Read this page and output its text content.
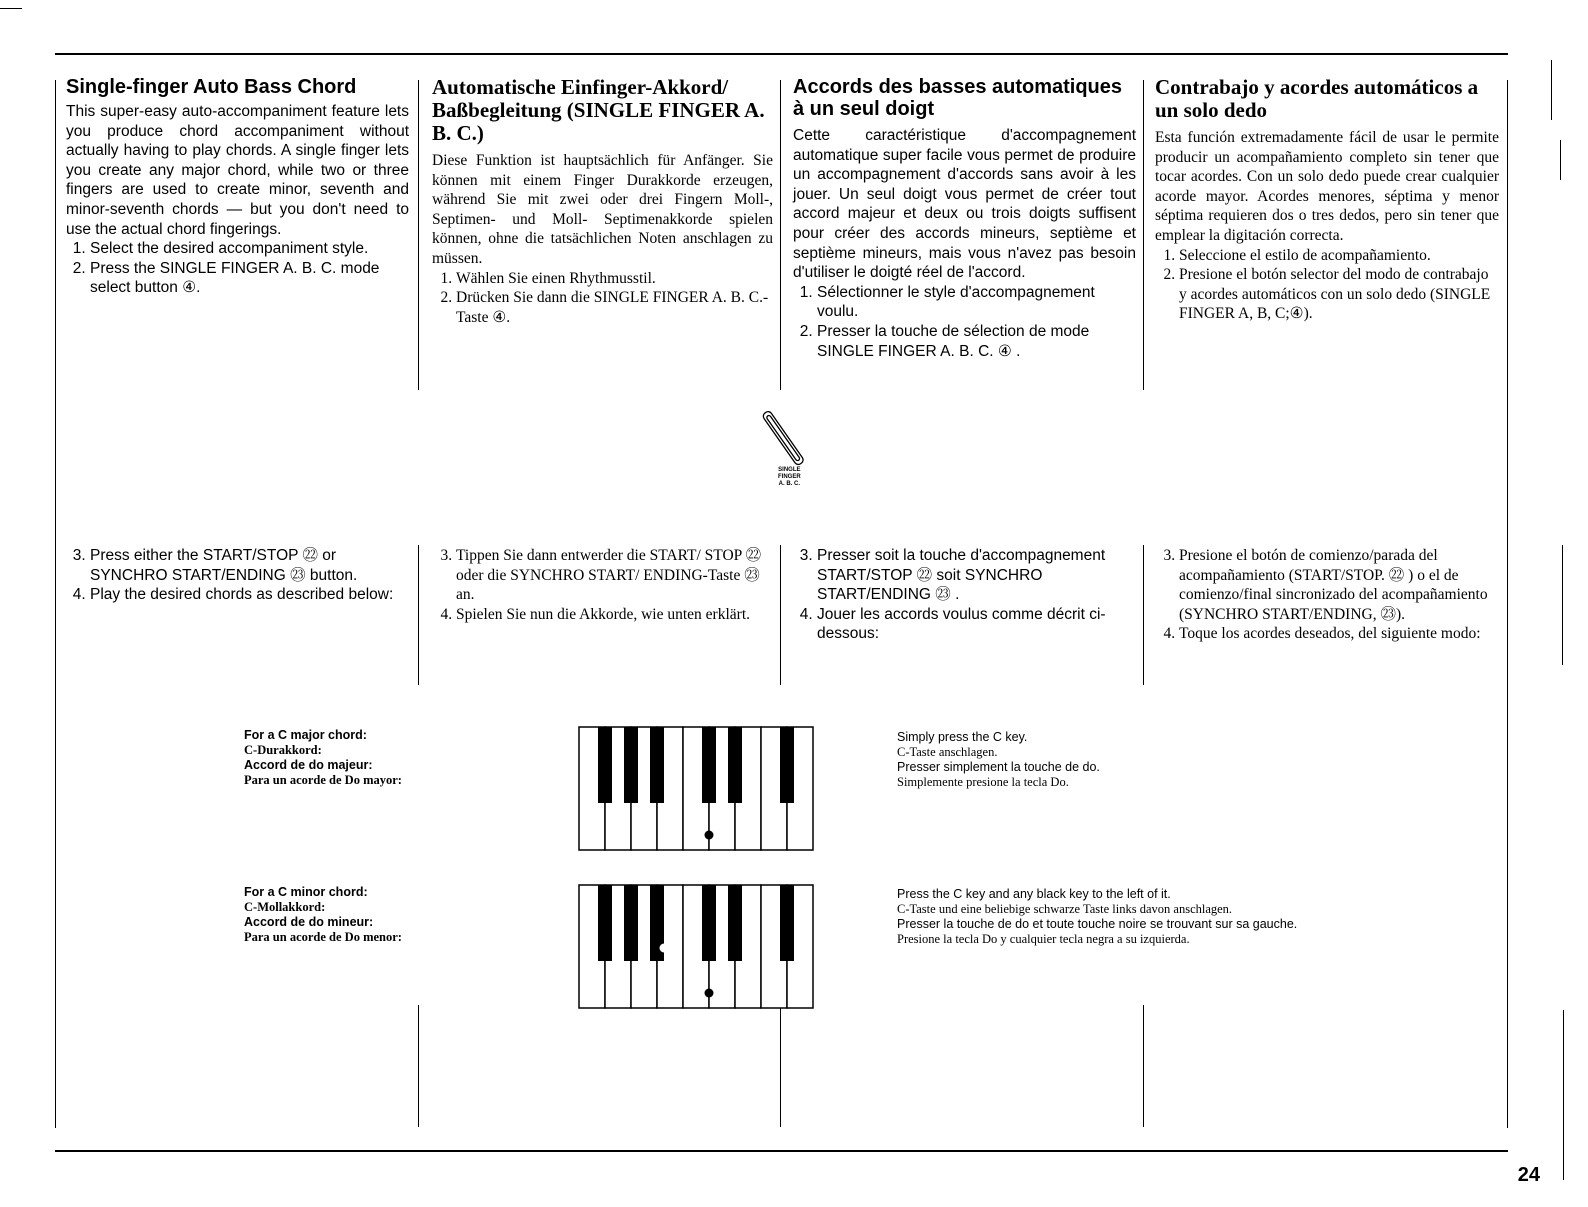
Single-finger Auto Bass Chord

This super-easy auto-accompaniment feature lets you produce chord accompaniment without actually having to play chords. A single finger lets you create any major chord, while two or three fingers are used to create minor, seventh and minor-seventh chords — but you don't need to use the actual chord fingerings.

1. Select the desired accompaniment style.
2. Press the SINGLE FINGER A. B. C. mode select button ④.
Automatische Einfinger-Akkord/ Baßbegleitung (SINGLE FINGER A. B. C.)

Diese Funktion ist hauptsächlich für Anfänger. Sie können mit einem Finger Durakkorde erzeugen, während Sie mit zwei oder drei Fingern Moll-, Septimen- und Moll- Septimenakkorde spielen können, ohne die tatsächlichen Noten anschlagen zu müssen.

1. Wählen Sie einen Rhythmusstil.
2. Drücken Sie dann die SINGLE FINGER A. B. C.-Taste ④.
Accords des basses automatiques à un seul doigt

Cette caractéristique d'accompagnement automatique super facile vous permet de produire un accompagnement d'accords sans avoir à les jouer. Un seul doigt vous permet de créer tout accord majeur et deux ou trois doigts suffisent pour créer des accords mineurs, septième et septième mineurs, mais vous n'avez pas besoin d'utiliser le doigté réel de l'accord.

1. Sélectionner le style d'accompagnement voulu.
2. Presser la touche de sélection de mode SINGLE FINGER A. B. C. ④ .
Contrabajo y acordes automáticos a un solo dedo

Esta función extremadamente fácil de usar le permite producir un acompañamiento completo sin tener que tocar acordes. Con un solo dedo puede crear cualquier acorde mayor. Acordes menores, séptima y menor séptima requieren dos o tres dedos, pero sin tener que emplear la digitación correcta.

1. Seleccione el estilo de acompañamiento.
2. Presione el botón selector del modo de contrabajo y acordes automáticos con un solo dedo (SINGLE FINGER A, B, C;④).
SINGLE
FINGER
A. B. C.
3. Press either the START/STOP ㉒ or SYNCHRO START/ENDING ㉓ button.
4. Play the desired chords as described below:
3. Tippen Sie dann entwerder die START/ STOP ㉒ oder die SYNCHRO START/ ENDING-Taste ㉓ an.
4. Spielen Sie nun die Akkorde, wie unten erklärt.
3. Presser soit la touche d'accompagnement START/STOP ㉒ soit SYNCHRO START/ENDING ㉓ .
4. Jouer les accords voulus comme décrit ci-dessous:
3. Presione el botón de comienzo/parada del acompañamiento (START/STOP. ㉒ ) o el de comienzo/final sincronizado del acompañamiento (SYNCHRO START/ENDING, ㉓).
4. Toque los acordes deseados, del siguiente modo:
For a C major chord:
C-Durakkord:
Accord de do majeur:
Para un acorde de Do mayor:
Simply press the C key.
C-Taste anschlagen.
Presser simplement la touche de do.
Simplemente presione la tecla Do.
For a C minor chord:
C-Mollakkord:
Accord de do mineur:
Para un acorde de Do menor:
Press the C key and any black key to the left of it.
C-Taste und eine beliebige schwarze Taste links davon anschlagen.
Presser la touche de do et toute touche noire se trouvant sur sa gauche.
Presione la tecla Do y cualquier tecla negra a su izquierda.
24
